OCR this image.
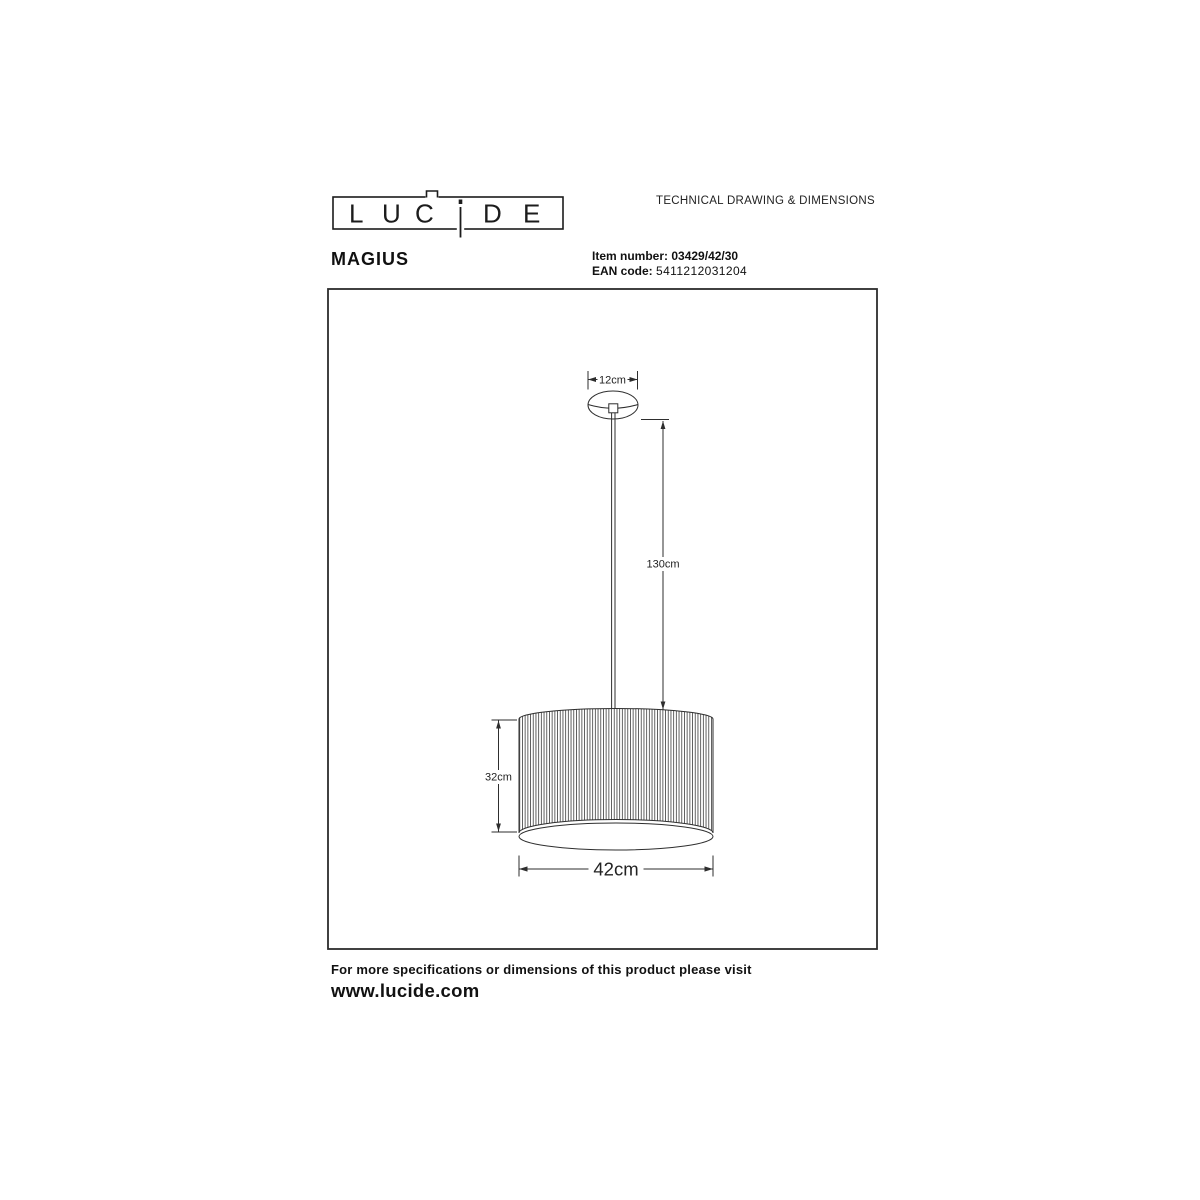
L U C D E	TECHNICAL DRAWING & DIMENSIONS
MAGIUS	Item number: 03429/42/30
EAN code: 5411212031204
12cm
130cm
32cm
42cm
For more specifications or dimensions of this product please visit
www.lucide.com
